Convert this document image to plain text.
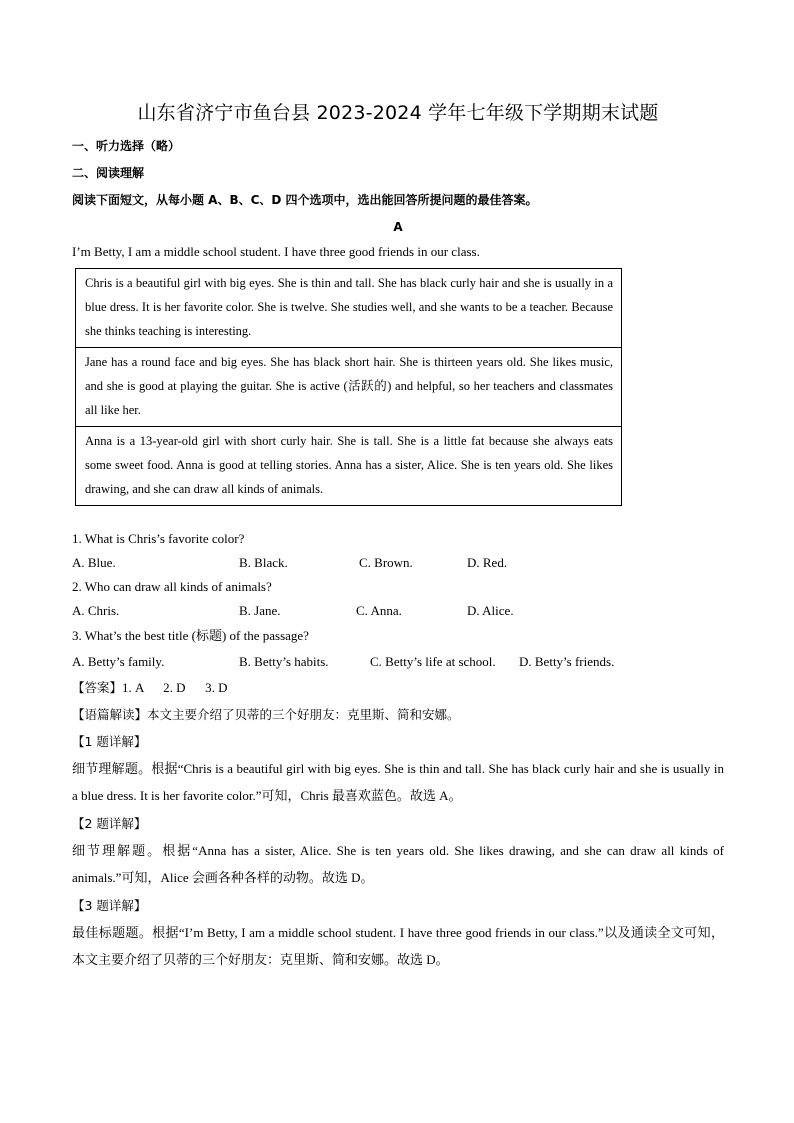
山东省济宁市鱼台县 2023-2024 学年七年级下学期期末试题
一、听力选择（略）
二、阅读理解
阅读下面短文，从每小题 A、B、C、D 四个选项中，选出能回答所提问题的最佳答案。
A
I’m Betty, I am a middle school student. I have three good friends in our class.
Chris is a beautiful girl with big eyes. She is thin and tall. She has black curly hair and she is usually in a blue dress. It is her favorite color. She is twelve. She studies well, and she wants to be a teacher. Because she thinks teaching is interesting.
Jane has a round face and big eyes. She has black short hair. She is thirteen years old. She likes music, and she is good at playing the guitar. She is active (活跃的) and helpful, so her teachers and classmates all like her.
Anna is a 13-year-old girl with short curly hair. She is tall. She is a little fat because she always eats some sweet food. Anna is good at telling stories. Anna has a sister, Alice. She is ten years old. She likes drawing, and she can draw all kinds of animals.
1. What is Chris’s favorite color?
A. Blue.	B. Black.	C. Brown.	D. Red.
2. Who can draw all kinds of animals?
A. Chris.	B. Jane.	C. Anna.	D. Alice.
3. What’s the best title (标题) of the passage?
A. Betty’s family.	B. Betty’s habits.	C. Betty’s life at school. D. Betty’s friends.
【答案】1. A      2. D      3. D
【语篇解读】本文主要介绍了贝蒂的三个好朋友：克里斯、简和安娜。
【1 题详解】
细节理解题。根据“Chris is a beautiful girl with big eyes. She is thin and tall. She has black curly hair and she is usually in a blue dress. It is her favorite color.”可知，Chris 最喜欢蓝色。故选 A。
【2 题详解】
细节理解题。根据“Anna has a sister, Alice. She is ten years old. She likes drawing, and she can draw all kinds of animals.”可知，Alice 会画各种各样的动物。故选 D。
【3 题详解】
最佳标题题。根据“I’m Betty, I am a middle school student. I have three good friends in our class.”以及通读全文可知，本文主要介绍了贝蒂的三个好朋友：克里斯、简和安娜。故选 D。
